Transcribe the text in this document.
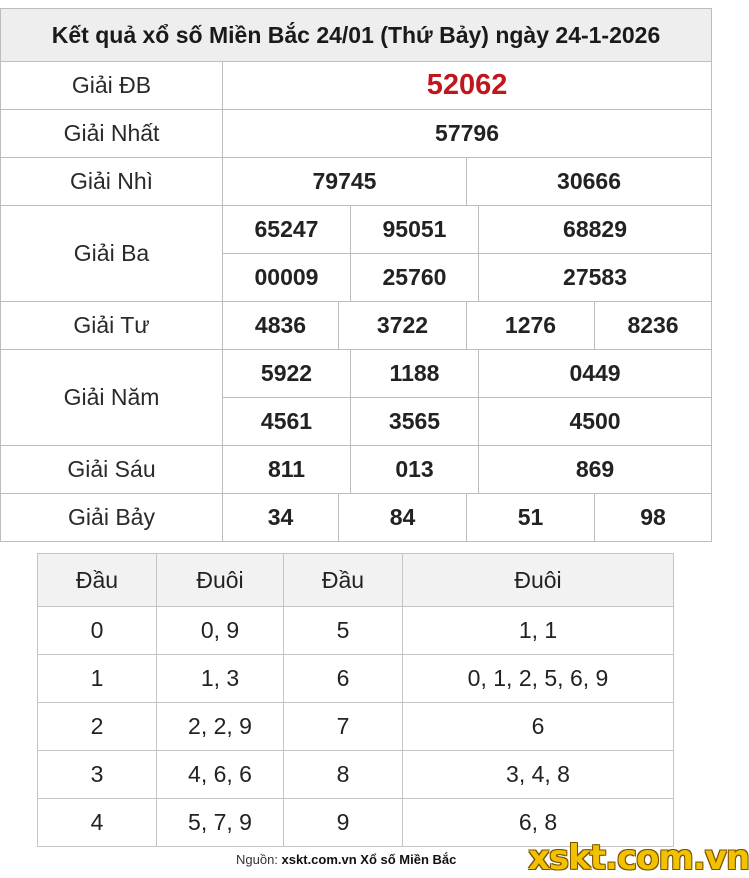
Kết quả xổ số Miền Bắc 24/01 (Thứ Bảy) ngày 24-1-2026						
Giải ĐB	52062					
Giải Nhất	57796					
Giải Nhì	79745			30666		
Giải Ba	65247		95051		68829	
	00009		25760		27583	
Giải Tư	4836	3722		1276		8236
Giải Năm	5922		1188		0449	
	4561		3565		4500	
Giải Sáu	811		013		869	
Giải Bảy	34	84		51		98
Đầu	Đuôi	Đầu	Đuôi
0	0, 9	5	1, 1
1	1, 3	6	0, 1, 2, 5, 6, 9
2	2, 2, 9	7	6
3	4, 6, 6	8	3, 4, 8
4	5, 7, 9	9	6, 8
Nguồn: xskt.com.vn Xổ số Miền Bắc xskt.com.vn
